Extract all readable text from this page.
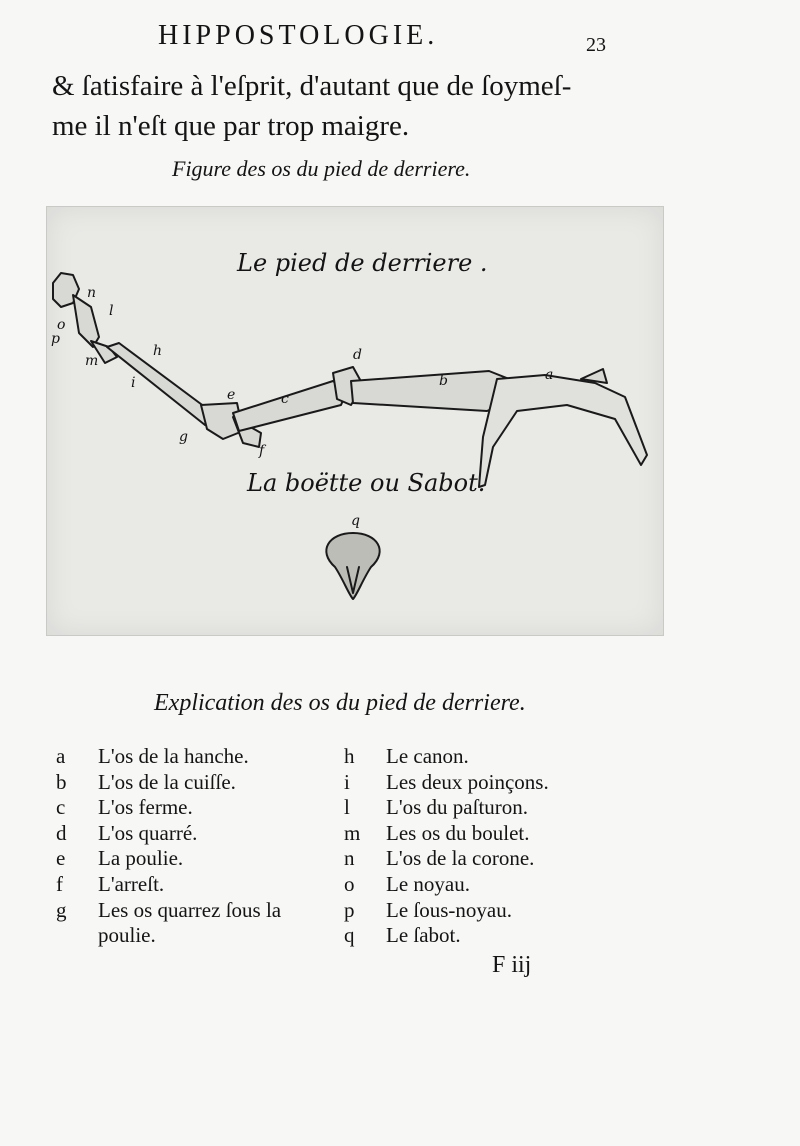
HIPPOSTOLOGIE.	23
& ſatisfaire à l'eſprit, d'autant que de ſoymeſ-
me il n'eſt que par trop maigre.
Figure des os du pied de derriere.
Le pied de derriere .
La boëtte ou Sabot.
a
b
c
d
e
f
g
h
i
l
m
n
o
p
q
Explication des os du pied de derriere.
a	L'os de la hanche.
b	L'os de la cuiſſe.
c	L'os ferme.
d	L'os quarré.
e	La poulie.
f	L'arreſt.
g	Les os quarrez ſous la poulie.
h	Le canon.
i	Les deux poinçons.
l	L'os du paſturon.
m	Les os du boulet.
n	L'os de la corone.
o	Le noyau.
p	Le ſous-noyau.
q	Le ſabot.
F iij
